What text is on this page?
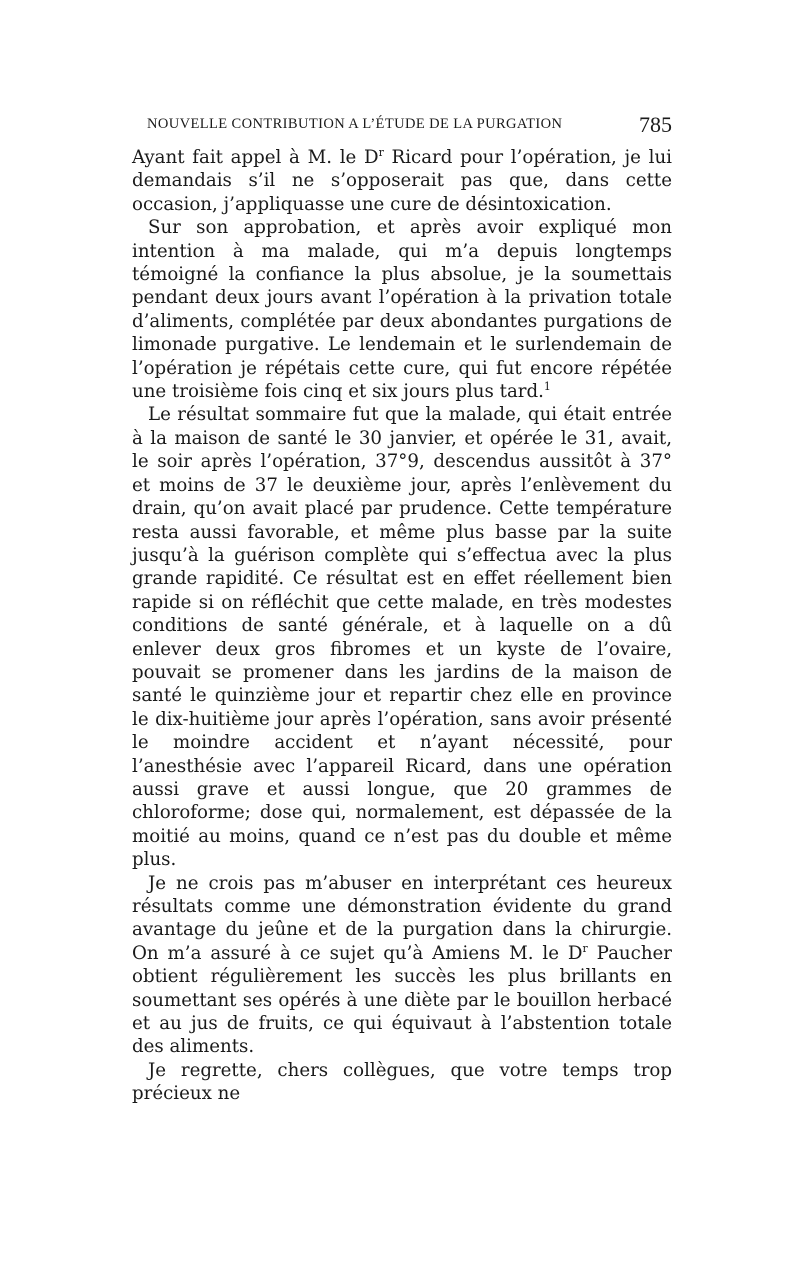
NOUVELLE CONTRIBUTION A L’ÉTUDE DE LA PURGATION	785

Ayant fait appel à M. le $D^r$ Ricard pour l’opération, je lui demandais s’il ne s’opposerait pas que, dans cette occasion, j’appliquasse une cure de désintoxication.

Sur son approbation, et après avoir expliqué mon intention à ma malade, qui m’a depuis longtemps témoigné la confiance la plus absolue, je la soumettais pendant deux jours avant l’opération à la privation totale d’aliments, complétée par deux abondantes purgations de limonade purgative. Le lendemain et le surlendemain de l’opération je répétais cette cure, qui fut encore répétée une troisième fois cinq et six jours plus tard.$^1$

Le résultat sommaire fut que la malade, qui était entrée à la maison de santé le 30 janvier, et opérée le 31, avait, le soir après l’opération, 37°9, descendus aussitôt à 37° et moins de 37 le deuxième jour, après l’enlèvement du drain, qu’on avait placé par prudence. Cette température resta aussi favorable, et même plus basse par la suite jusqu’à la guérison complète qui s’effectua avec la plus grande rapidité. Ce résultat est en effet réellement bien rapide si on réfléchit que cette malade, en très modestes conditions de santé générale, et à laquelle on a dû enlever deux gros fibromes et un kyste de l’ovaire, pouvait se promener dans les jardins de la maison de santé le quinzième jour et repartir chez elle en province le dix-huitième jour après l’opération, sans avoir présenté le moindre accident et n’ayant nécessité, pour l’anesthésie avec l’appareil Ricard, dans une opération aussi grave et aussi longue, que 20 grammes de chloroforme; dose qui, normalement, est dépassée de la moitié au moins, quand ce n’est pas du double et même plus.

Je ne crois pas m’abuser en interprétant ces heureux résultats comme une démonstration évidente du grand avantage du jeûne et de la purgation dans la chirurgie. On m’a assuré à ce sujet qu’à Amiens M. le $D^r$ Paucher obtient régulièrement les succès les plus brillants en soumettant ses opérés à une diète par le bouillon herbacé et au jus de fruits, ce qui équivaut à l’abstention totale des aliments.

Je regrette, chers collègues, que votre temps trop précieux ne
